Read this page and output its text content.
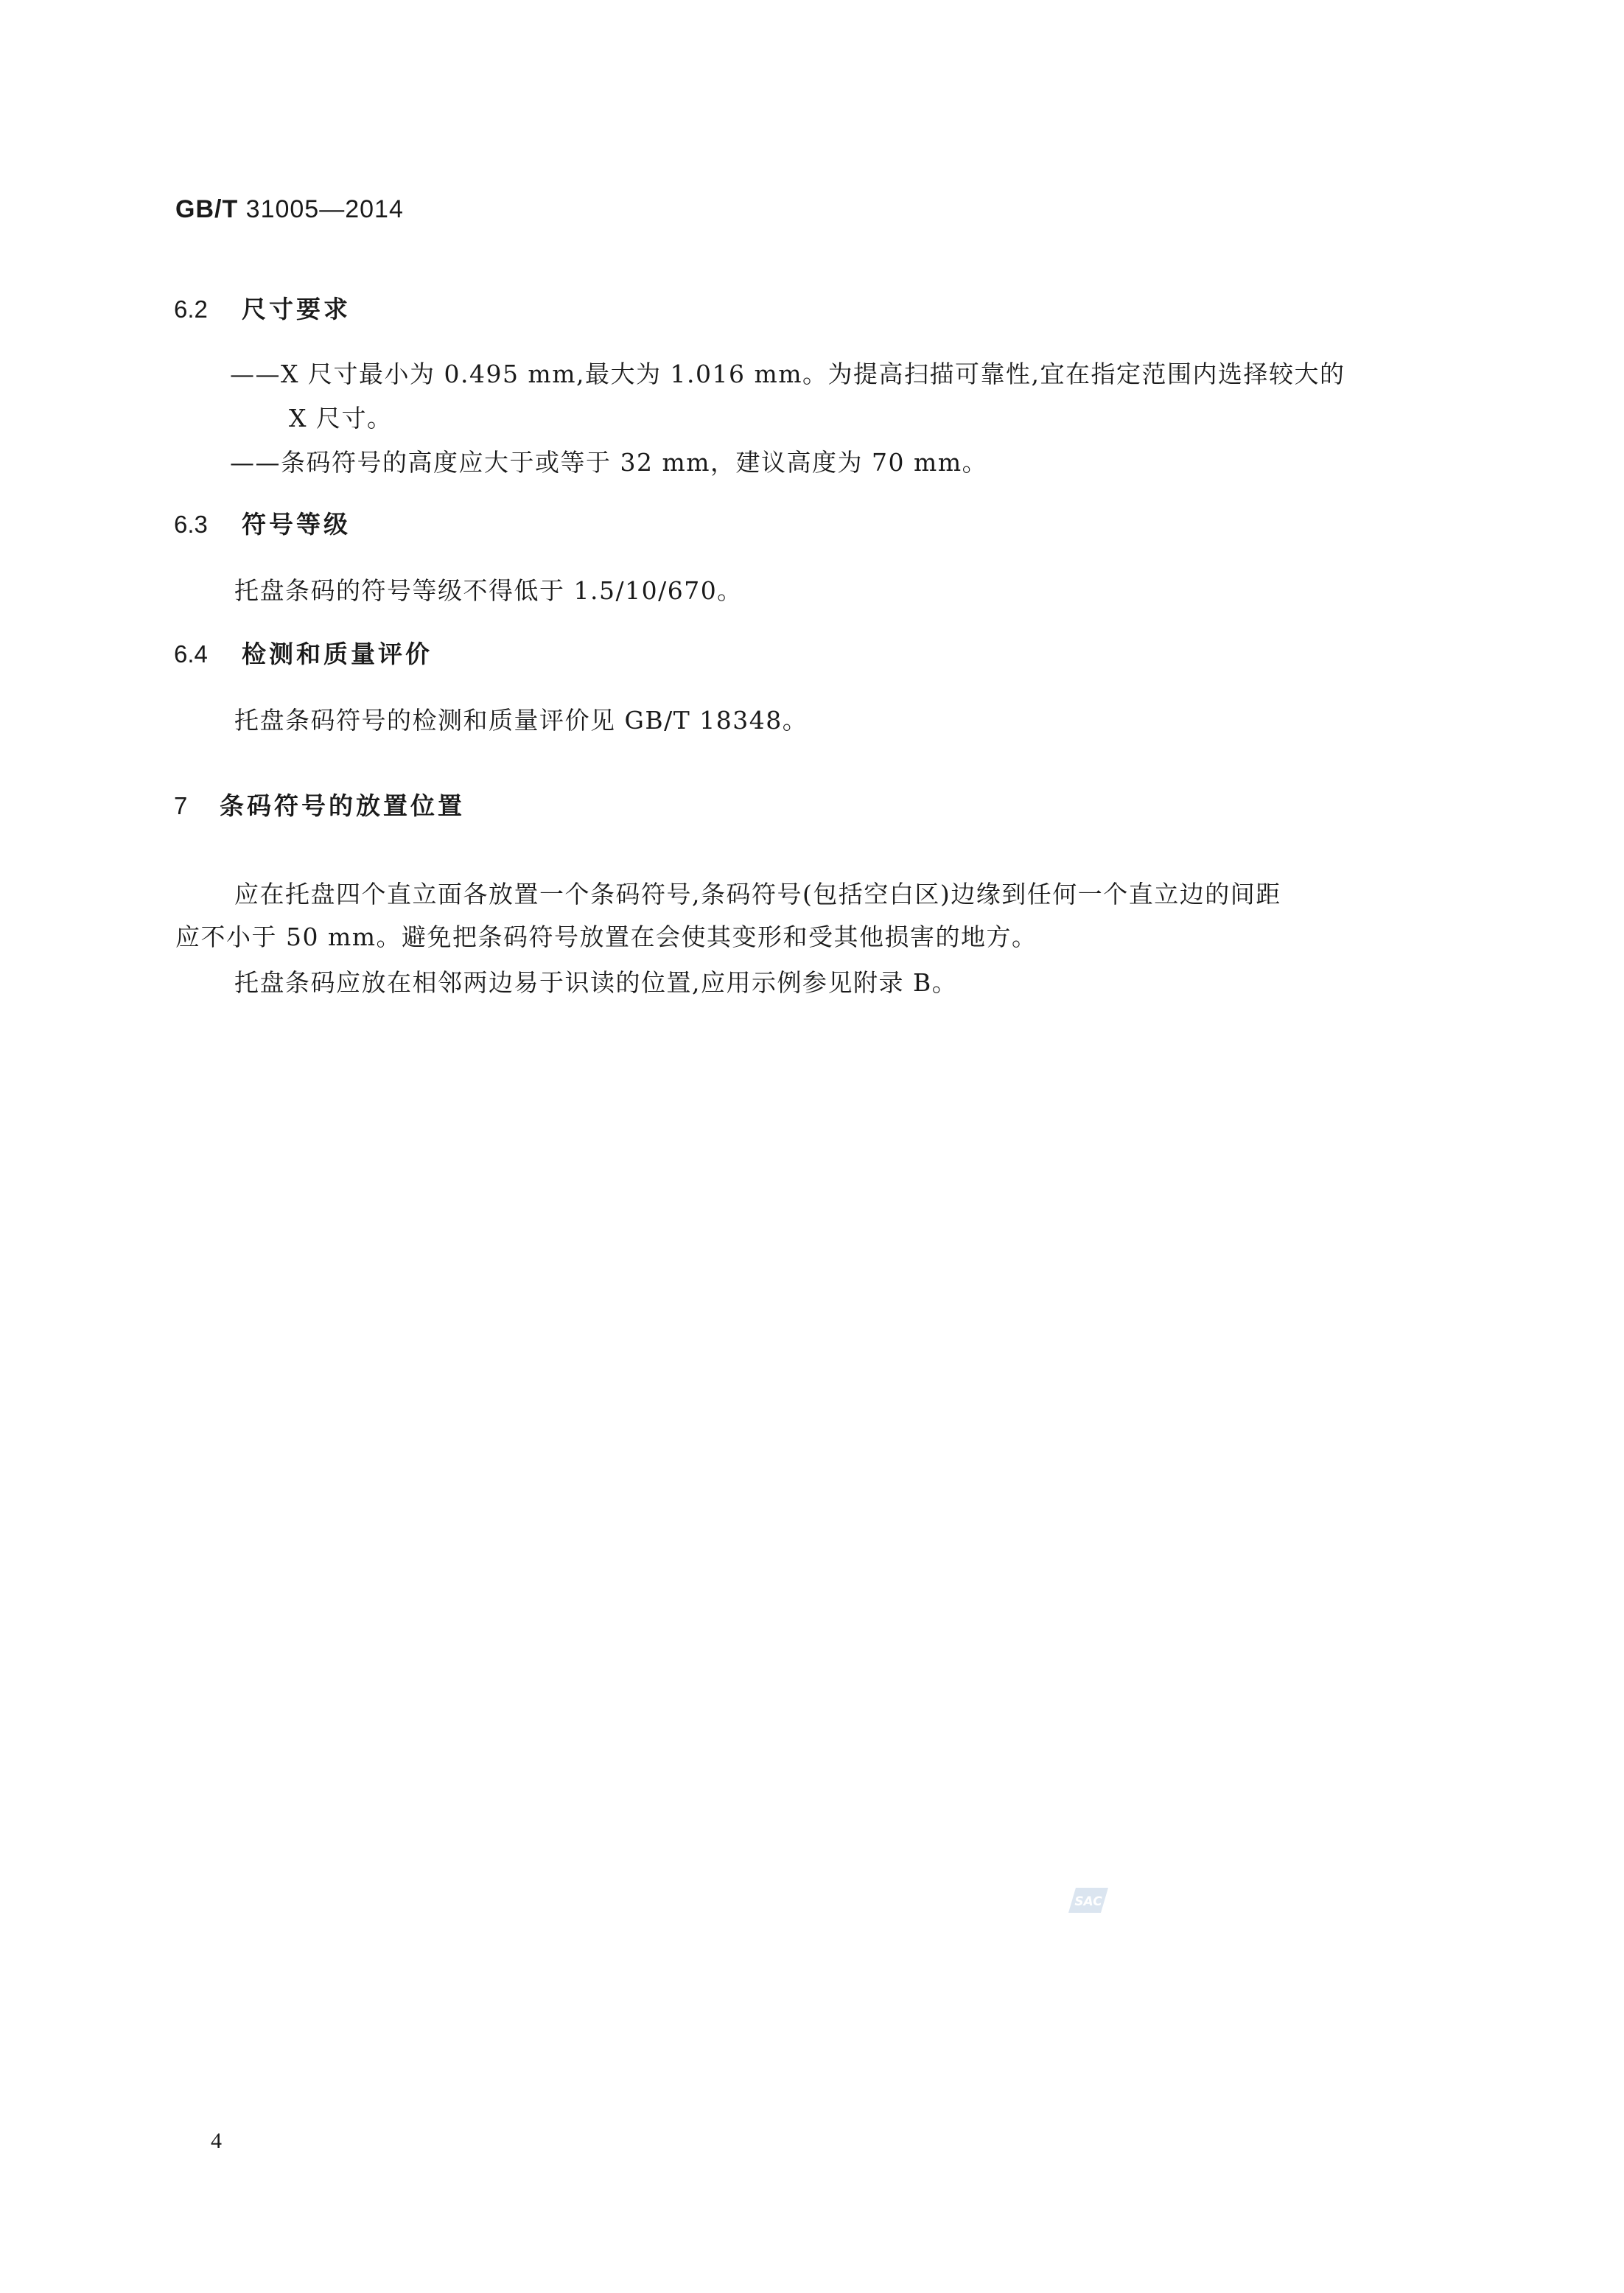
GB/T 31005—2014
6.2 尺寸要求
——X 尺寸最小为 0.495 mm,最大为 1.016 mm。为提高扫描可靠性,宜在指定范围内选择较大的
X 尺寸。
——条码符号的高度应大于或等于 32 mm，建议高度为 70 mm。
6.3 符号等级
托盘条码的符号等级不得低于 1.5/10/670。
6.4 检测和质量评价
托盘条码符号的检测和质量评价见 GB/T 18348。
7 条码符号的放置位置
应在托盘四个直立面各放置一个条码符号,条码符号(包括空白区)边缘到任何一个直立边的间距
应不小于 50 mm。避免把条码符号放置在会使其变形和受其他损害的地方。
托盘条码应放在相邻两边易于识读的位置,应用示例参见附录 B。
SAC
4
